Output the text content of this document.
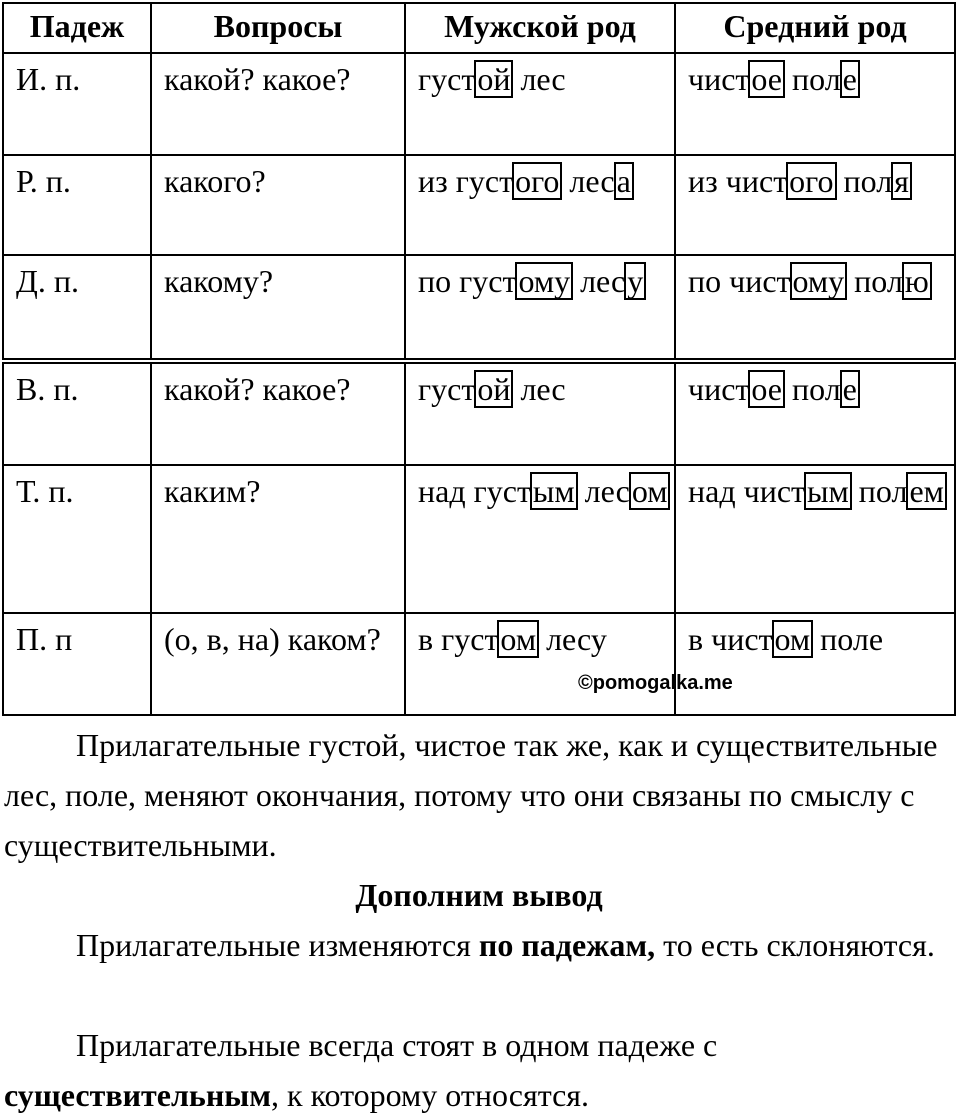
Падеж	Вопросы	Мужской род	Средний род

И. п.	какой? какое?	густой лес	чистое поле

Р. п.	какого?	из густого леса	из чистого поля

Д. п.	какому?	по густому лесу	по чистому полю
В. п.	какой? какое?	густой лес	чистое поле

Т. п.	каким?	над густым лесом	над чистым полем

П. п	(о, в, на) каком?	в густом лесу	в чистом поле
©pomogalka.me

Прилагательные густой, чистое так же, как и существительные лес, поле, меняют окончания, потому что они связаны по смыслу с существительными.

Дополним вывод

Прилагательные изменяются по падежам, то есть склоняются.

Прилагательные всегда стоят в одном падеже с существительным, к которому относятся.
